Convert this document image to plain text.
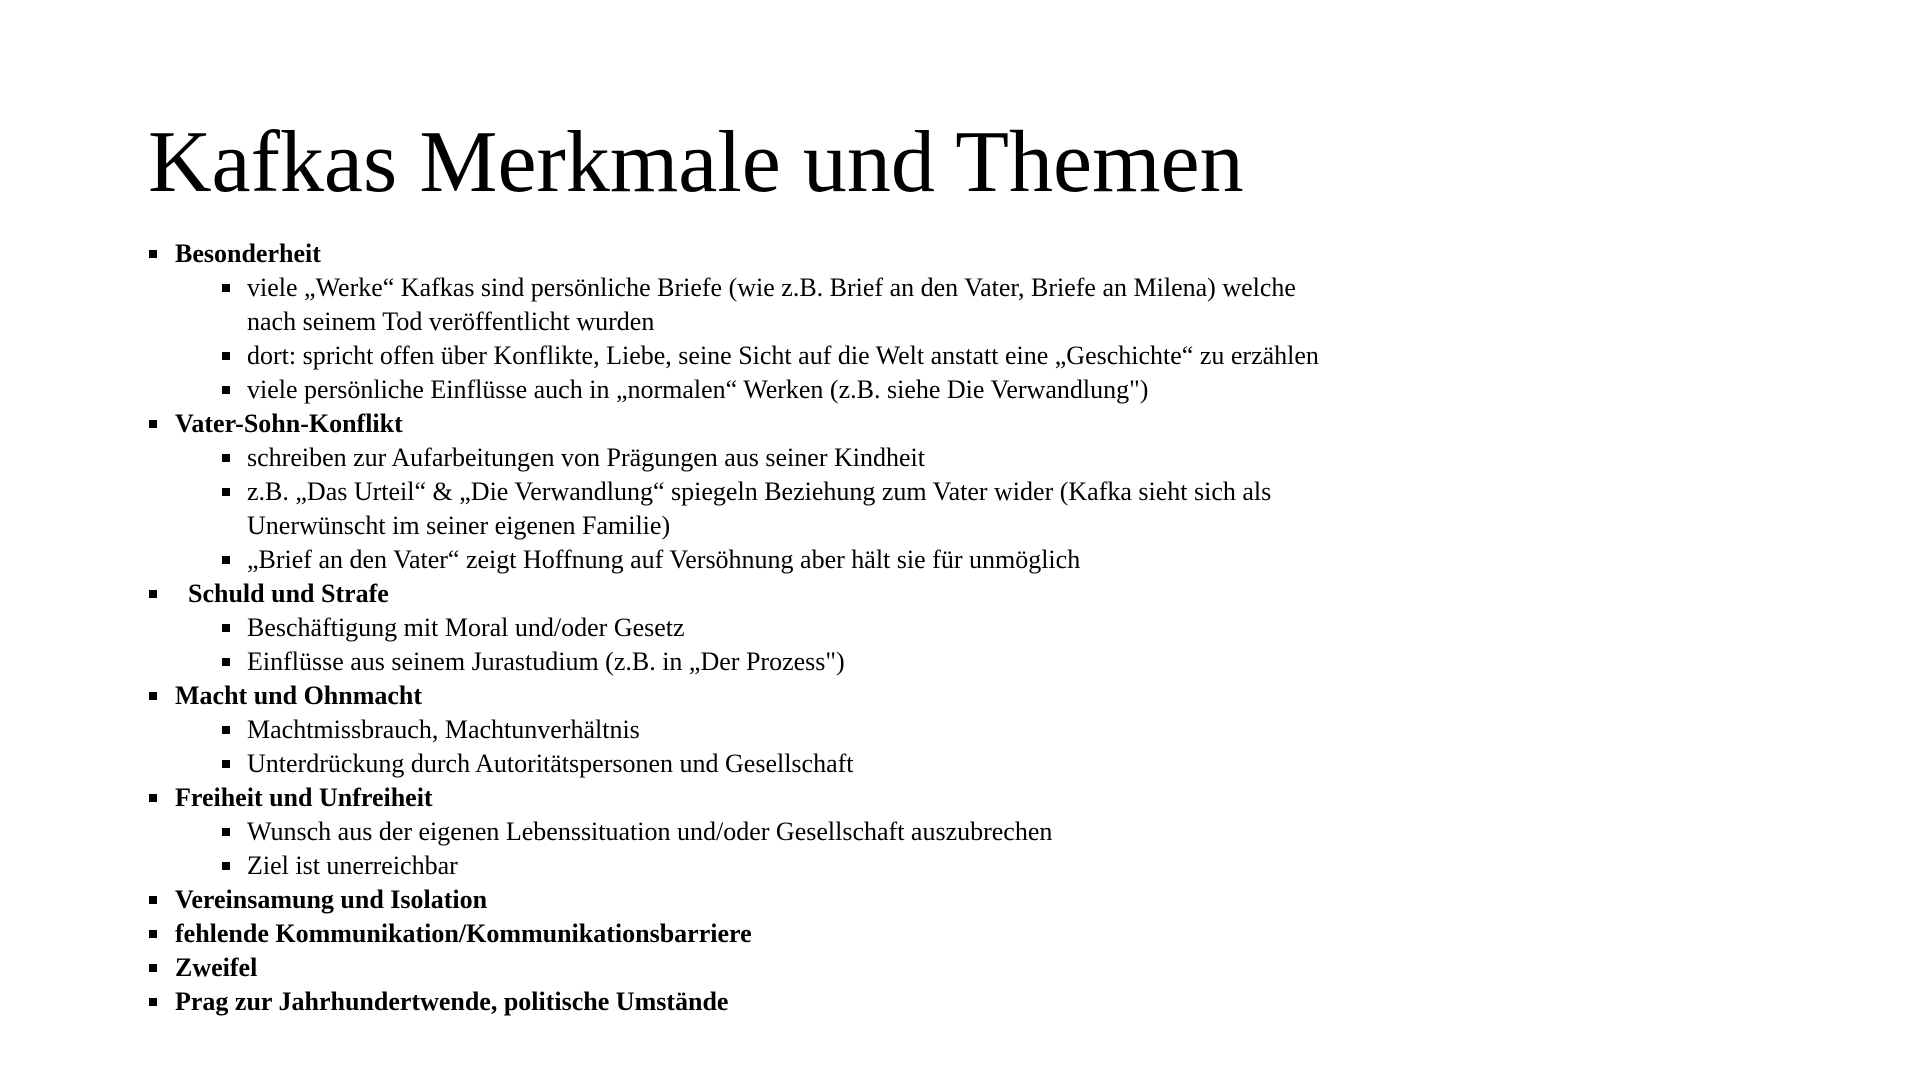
Kafkas Merkmale und Themen
Besonderheit
viele „Werke“ Kafkas sind persönliche Briefe (wie z.B. Brief an den Vater, Briefe an Milena) welche
nach seinem Tod veröffentlicht wurden
dort: spricht offen über Konflikte, Liebe, seine Sicht auf die Welt anstatt eine „Geschichte“ zu erzählen
viele persönliche Einflüsse auch in „normalen“ Werken (z.B. siehe Die Verwandlung")
Vater-Sohn-Konflikt
schreiben zur Aufarbeitungen von Prägungen aus seiner Kindheit
z.B. „Das Urteil“ & „Die Verwandlung“ spiegeln Beziehung zum Vater wider (Kafka sieht sich als
Unerwünscht im seiner eigenen Familie)
„Brief an den Vater“ zeigt Hoffnung auf Versöhnung aber hält sie für unmöglich
Schuld und Strafe
Beschäftigung mit Moral und/oder Gesetz
Einflüsse aus seinem Jurastudium (z.B. in „Der Prozess")
Macht und Ohnmacht
Machtmissbrauch, Machtunverhältnis
Unterdrückung durch Autoritätspersonen und Gesellschaft
Freiheit und Unfreiheit
Wunsch aus der eigenen Lebenssituation und/oder Gesellschaft auszubrechen
Ziel ist unerreichbar
Vereinsamung und Isolation
fehlende Kommunikation/Kommunikationsbarriere
Zweifel
Prag zur Jahrhundertwende, politische Umstände
